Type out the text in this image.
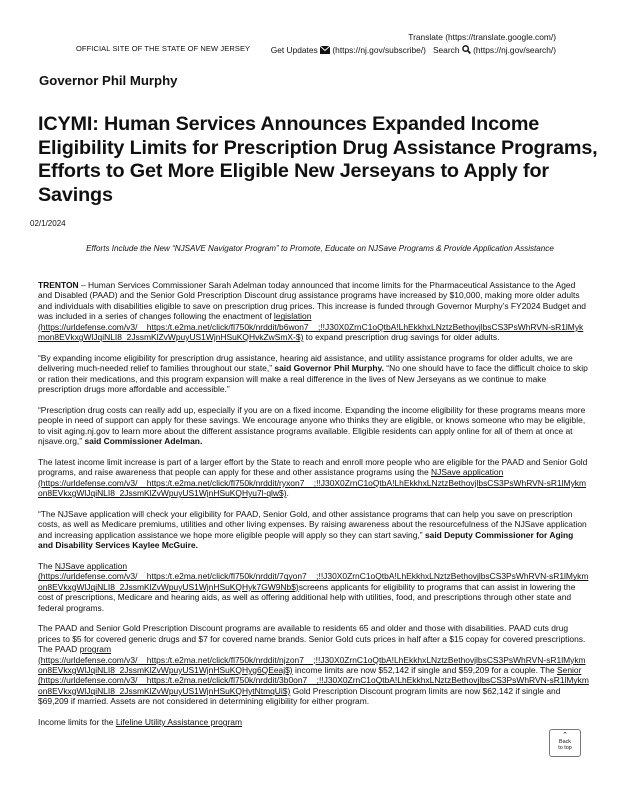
OFFICIAL SITE OF THE STATE OF NEW JERSEY
Translate (https://translate.google.com/)
Get Updates (https://nj.gov/subscribe/) Search (https://nj.gov/search/)
Governor Phil Murphy
ICYMI: Human Services Announces Expanded Income Eligibility Limits for Prescription Drug Assistance Programs, Efforts to Get More Eligible New Jerseyans to Apply for Savings
02/1/2024
Efforts Include the New “NJSAVE Navigator Program” to Promote, Educate on NJSave Programs & Provide Application Assistance

TRENTON – Human Services Commissioner Sarah Adelman today announced that income limits for the Pharmaceutical Assistance to the Aged and Disabled (PAAD) and the Senior Gold Prescription Discount drug assistance programs have increased by $10,000, making more older adults and individuals with disabilities eligible to save on prescription drug prices. This increase is funded through Governor Murphy’s FY2024 Budget and was included in a series of changes following the enactment of legislation
(https://urldefense.com/v3/__https:/t.e2ma.net/click/fl750k/nrddit/b6won7__;!!J30X0ZrnC1oQtbA!LhEkkhxLNztzBethovjlbsCS3PsWhRVN-sR1lMykmon8EVkxgWlJqiNLI8_2JssmKlZvWpuyUS1WjnHSuKQHvkZwSmX-$) to expand prescription drug savings for older adults.

“By expanding income eligibility for prescription drug assistance, hearing aid assistance, and utility assistance programs for older adults, we are delivering much-needed relief to families throughout our state,” said Governor Phil Murphy. “No one should have to face the difficult choice to skip or ration their medications, and this program expansion will make a real difference in the lives of New Jerseyans as we continue to make prescription drugs more affordable and accessible.”

“Prescription drug costs can really add up, especially if you are on a fixed income. Expanding the income eligibility for these programs means more people in need of support can apply for these savings. We encourage anyone who thinks they are eligible, or knows someone who may be eligible, to visit aging.nj.gov to learn more about the different assistance programs available. Eligible residents can apply online for all of them at once at njsave.org,” said Commissioner Adelman.

The latest income limit increase is part of a larger effort by the State to reach and enroll more people who are eligible for the PAAD and Senior Gold programs, and raise awareness that people can apply for these and other assistance programs using the NJSave application
(https://urldefense.com/v3/__https:/t.e2ma.net/click/fl750k/nrddit/ryxon7__;!!J30X0ZrnC1oQtbA!LhEkkhxLNztzBethovjlbsCS3PsWhRVN-sR1lMykmon8EVkxgWlJqiNLI8_2JssmKlZvWpuyUS1WjnHSuKQHyu7l-qlw$).

“The NJSave application will check your eligibility for PAAD, Senior Gold, and other assistance programs that can help you save on prescription costs, as well as Medicare premiums, utilities and other living expenses. By raising awareness about the resourcefulness of the NJSave application and increasing application assistance we hope more eligible people will apply so they can start saving,” said Deputy Commissioner for Aging and Disability Services Kaylee McGuire.

The NJSave application
(https://urldefense.com/v3/__https:/t.e2ma.net/click/fl750k/nrddit/7qyon7__;!!J30X0ZrnC1oQtbA!LhEkkhxLNztzBethovjlbsCS3PsWhRVN-sR1lMykmon8EVkxgWlJqiNLI8_2JssmKlZvWpuyUS1WjnHSuKQHyk7GW9Nb$)screens applicants for eligibility to programs that can assist in lowering the cost of prescriptions, Medicare and hearing aids, as well as offering additional help with utilities, food, and prescriptions through other state and federal programs.

The PAAD and Senior Gold Prescription Discount programs are available to residents 65 and older and those with disabilities. PAAD cuts drug prices to $5 for covered generic drugs and $7 for covered name brands. Senior Gold cuts prices in half after a $15 copay for covered prescriptions. The PAAD program
(https://urldefense.com/v3/__https:/t.e2ma.net/click/fl750k/nrddit/njzon7__;!!J30X0ZrnC1oQtbA!LhEkkhxLNztzBethovjlbsCS3PsWhRVN-sR1lMykmon8EVkxgWlJqiNLI8_2JssmKlZvWpuyUS1WjnHSuKQHyg6QEeaj$) income limits are now $52,142 if single and $59,209 for a couple. The Senior
(https://urldefense.com/v3/__https:/t.e2ma.net/click/fl750k/nrddit/3b0on7__;!!J30X0ZrnC1oQtbA!LhEkkhxLNztzBethovjlbsCS3PsWhRVN-sR1lMykmon8EVkxgWlJqiNLI8_2JssmKlZvWpuyUS1WjnHSuKQHytNtmqUi$) Gold Prescription Discount program limits are now $62,142 if single and $69,209 if married. Assets are not considered in determining eligibility for either program.

Income limits for the Lifeline Utility Assistance program

⌃
Back
to top
